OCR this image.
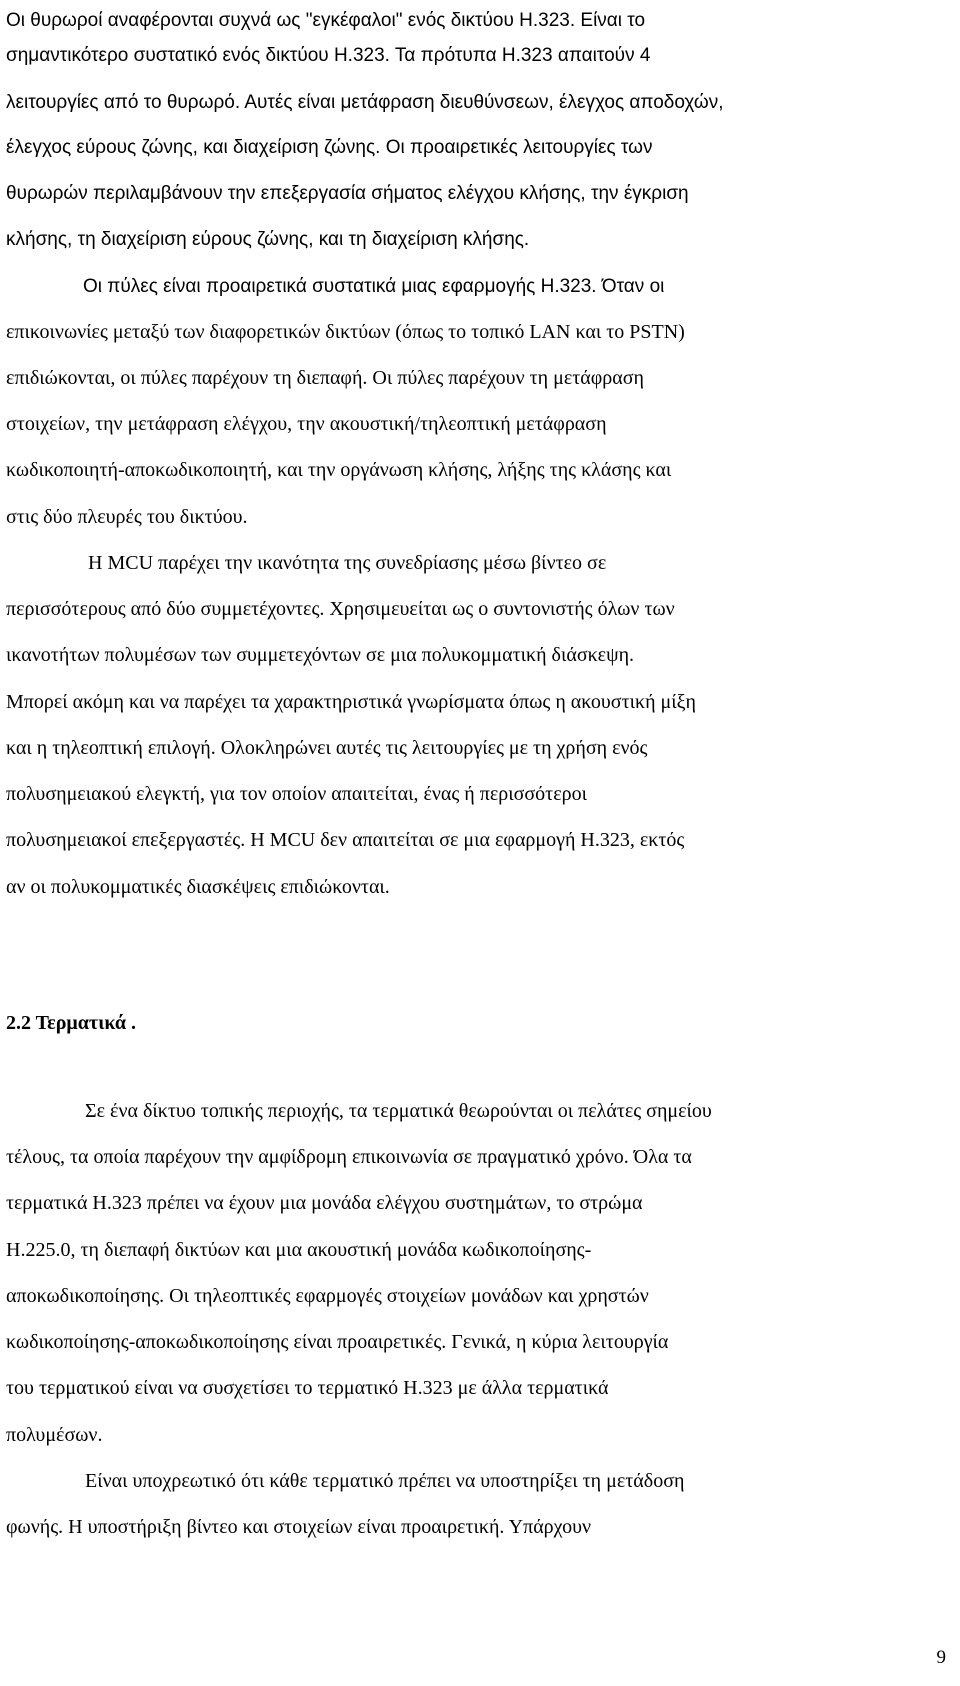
Οι θυρωροί αναφέρονται συχνά ως "εγκέφαλοι" ενός δικτύου Η.323. Είναι το
σημαντικότερο συστατικό ενός δικτύου Η.323. Τα πρότυπα Η.323 απαιτούν 4
λειτουργίες από το θυρωρό. Αυτές είναι μετάφραση διευθύνσεων, έλεγχος αποδοχών,
έλεγχος εύρους ζώνης, και διαχείριση ζώνης. Οι προαιρετικές λειτουργίες των
θυρωρών περιλαμβάνουν την επεξεργασία σήματος ελέγχου κλήσης, την έγκριση
κλήσης, τη διαχείριση εύρους ζώνης, και τη διαχείριση κλήσης.
Οι πύλες είναι προαιρετικά συστατικά μιας εφαρμογής Η.323. Όταν οι
επικοινωνίες μεταξύ των διαφορετικών δικτύων (όπως το τοπικό LAN και το PSTN)
επιδιώκονται, οι πύλες παρέχουν τη διεπαφή. Οι πύλες παρέχουν τη μετάφραση
στοιχείων, την μετάφραση ελέγχου, την ακουστική/τηλεοπτική μετάφραση
κωδικοποιητή-αποκωδικοποιητή, και την οργάνωση κλήσης, λήξης της κλάσης και
στις δύο πλευρές του δικτύου.
Η MCU παρέχει την ικανότητα της συνεδρίασης μέσω βίντεο σε
περισσότερους από δύο συμμετέχοντες. Χρησιμευείται ως ο συντονιστής όλων των
ικανοτήτων πολυμέσων των συμμετεχόντων σε μια πολυκομματική διάσκεψη.
Μπορεί ακόμη και να παρέχει τα χαρακτηριστικά γνωρίσματα όπως η ακουστική μίξη
και η τηλεοπτική επιλογή. Ολοκληρώνει αυτές τις λειτουργίες με τη χρήση ενός
πολυσημειακού ελεγκτή, για τον οποίον απαιτείται, ένας ή περισσότεροι
πολυσημειακοί επεξεργαστές. Η MCU δεν απαιτείται σε μια εφαρμογή Η.323, εκτός
αν οι πολυκομματικές διασκέψεις επιδιώκονται.
2.2 Τερματικά .
Σε ένα δίκτυο τοπικής περιοχής, τα τερματικά θεωρούνται οι πελάτες σημείου
τέλους, τα οποία παρέχουν την αμφίδρομη επικοινωνία σε πραγματικό χρόνο. Όλα τα
τερματικά Η.323 πρέπει να έχουν μια μονάδα ελέγχου συστημάτων, το στρώμα
Η.225.0, τη διεπαφή δικτύων και μια ακουστική μονάδα κωδικοποίησης-
αποκωδικοποίησης. Οι τηλεοπτικές εφαρμογές στοιχείων μονάδων και χρηστών
κωδικοποίησης-αποκωδικοποίησης είναι προαιρετικές. Γενικά, η κύρια λειτουργία
του τερματικού είναι να συσχετίσει το τερματικό Η.323 με άλλα τερματικά
πολυμέσων.
Είναι υποχρεωτικό ότι κάθε τερματικό πρέπει να υποστηρίξει τη μετάδοση
φωνής. Η υποστήριξη βίντεο και στοιχείων είναι προαιρετική. Υπάρχουν
9
